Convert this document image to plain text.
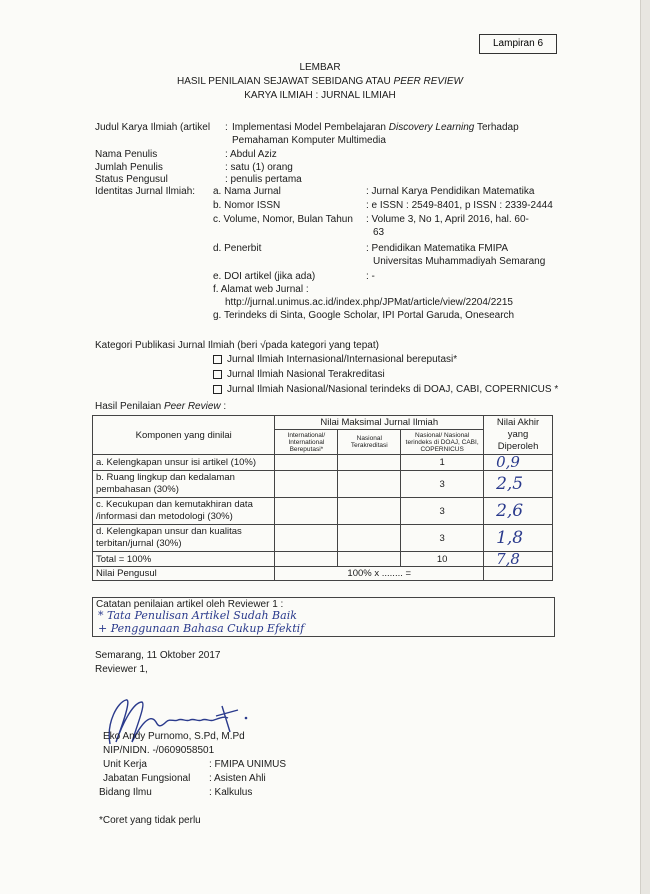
Lampiran 6
LEMBAR
HASIL PENILAIAN SEJAWAT SEBIDANG ATAU PEER REVIEW
KARYA ILMIAH : JURNAL ILMIAH
Judul Karya Ilmiah (artikel : Implementasi Model Pembelajaran Discovery Learning Terhadap
Pemahaman Komputer Multimedia
Nama Penulis	: Abdul Aziz
Jumlah Penulis	: satu (1) orang
Status Pengusul	: penulis pertama
Identitas Jurnal Ilmiah: a. Nama Jurnal	: Jurnal Karya Pendidikan Matematika
b. Nomor ISSN	: e ISSN : 2549-8401, p ISSN : 2339-2444
c. Volume, Nomor, Bulan Tahun : Volume 3, No 1, April 2016, hal. 60-
63
d. Penerbit	: Pendidikan Matematika FMIPA
Universitas Muhammadiyah Semarang
e. DOI artikel (jika ada)	: -
f. Alamat web Jurnal :
http://jurnal.unimus.ac.id/index.php/JPMat/article/view/2204/2215
g. Terindeks di Sinta, Google Scholar, IPI Portal Garuda, Onesearch
Kategori Publikasi Jurnal Ilmiah (beri √pada kategori yang tepat)
Jurnal Ilmiah Internasional/Internasional bereputasi*
Jurnal Ilmiah Nasional Terakreditasi
Jurnal Ilmiah Nasional/Nasional terindeks di DOAJ, CABI, COPERNICUS *
Hasil Penilaian Peer Review :
Komponen yang dinilai	Nilai Maksimal Jurnal Ilmiah			Nilai Akhir yang Diperoleh
	International/ International Bereputasi*	Nasional Terakreditasi	Nasional/ Nasional terindeks di DOAJ, CABI, COPERNICUS	
a. Kelengkapan unsur isi artikel (10%)			1	0,9
b. Ruang lingkup dan kedalaman pembahasan (30%)			3	2,5
c. Kecukupan dan kemutakhiran data /informasi dan metodologi (30%)			3	2,6
d. Kelengkapan unsur dan kualitas terbitan/jurnal (30%)			3	1,8
Total = 100%			10	7,8
Nilai Pengusul	100% x ........ =			
Catatan penilaian artikel oleh Reviewer 1 :
* Tata Penulisan Artikel Sudah Baik
+ Penggunaan Bahasa Cukup Efektif
Semarang, 11 Oktober 2017
Reviewer 1,
Eko Andy Purnomo, S.Pd, M.Pd
NIP/NIDN. -/0609058501
Unit Kerja	: FMIPA UNIMUS
Jabatan Fungsional : Asisten Ahli
Bidang Ilmu	: Kalkulus
*Coret yang tidak perlu
